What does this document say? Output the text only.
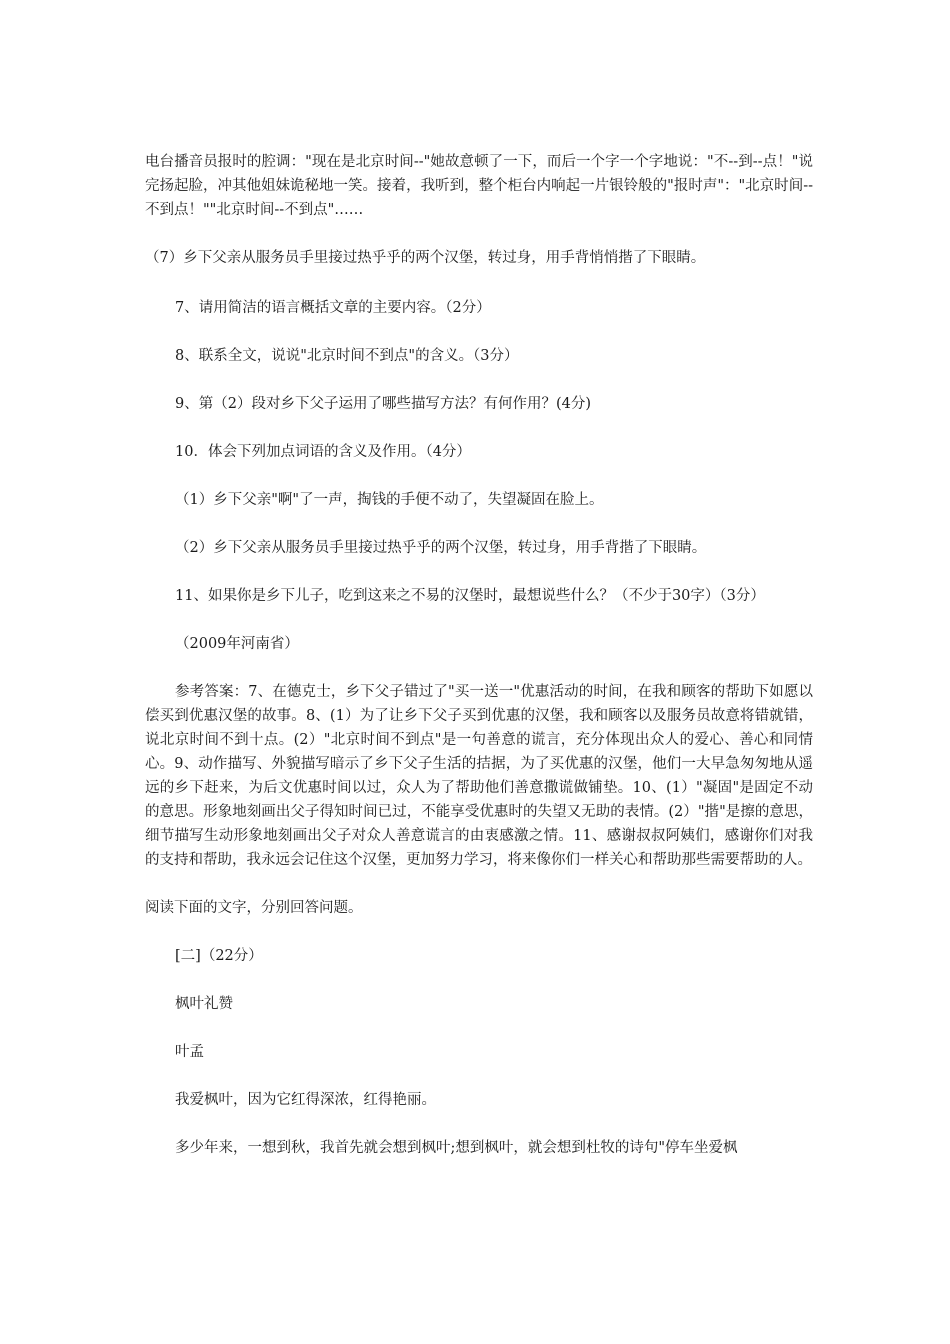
电台播音员报时的腔调："现在是北京时间--"她故意顿了一下，而后一个字一个字地说："不--到--点！"说完扬起脸，冲其他姐妹诡秘地一笑。接着，我听到，整个柜台内响起一片银铃般的"报时声"："北京时间--不到点！""北京时间--不到点"……

（7）乡下父亲从服务员手里接过热乎乎的两个汉堡，转过身，用手背悄悄揩了下眼睛。

7、请用简洁的语言概括文章的主要内容。（2分）

8、联系全文，说说"北京时间不到点"的含义。（3分）

9、第（2）段对乡下父子运用了哪些描写方法？有何作用？(4分)

10．体会下列加点词语的含义及作用。（4分）

（1）乡下父亲"啊"了一声，掏钱的手便不动了，失望凝固在脸上。

（2）乡下父亲从服务员手里接过热乎乎的两个汉堡，转过身，用手背揩了下眼睛。

11、如果你是乡下儿子，吃到这来之不易的汉堡时，最想说些什么？（不少于30字）（3分）

（2009年河南省）

参考答案：7、在德克士，乡下父子错过了"买一送一"优惠活动的时间，在我和顾客的帮助下如愿以偿买到优惠汉堡的故事。8、(1）为了让乡下父子买到优惠的汉堡，我和顾客以及服务员故意将错就错，说北京时间不到十点。(2）"北京时间不到点"是一句善意的谎言，充分体现出众人的爱心、善心和同情心。9、动作描写、外貌描写暗示了乡下父子生活的拮据，为了买优惠的汉堡，他们一大早急匆匆地从遥远的乡下赶来，为后文优惠时间以过，众人为了帮助他们善意撒谎做铺垫。10、(1）"凝固"是固定不动的意思。形象地刻画出父子得知时间已过，不能享受优惠时的失望又无助的表情。(2）"揩"是擦的意思，细节描写生动形象地刻画出父子对众人善意谎言的由衷感激之情。11、感谢叔叔阿姨们，感谢你们对我的支持和帮助，我永远会记住这个汉堡，更加努力学习，将来像你们一样关心和帮助那些需要帮助的人。

阅读下面的文字，分别回答问题。

[二]（22分）

枫叶礼赞

叶孟

我爱枫叶，因为它红得深浓，红得艳丽。

多少年来，一想到秋，我首先就会想到枫叶;想到枫叶，就会想到杜牧的诗句"停车坐爱枫
